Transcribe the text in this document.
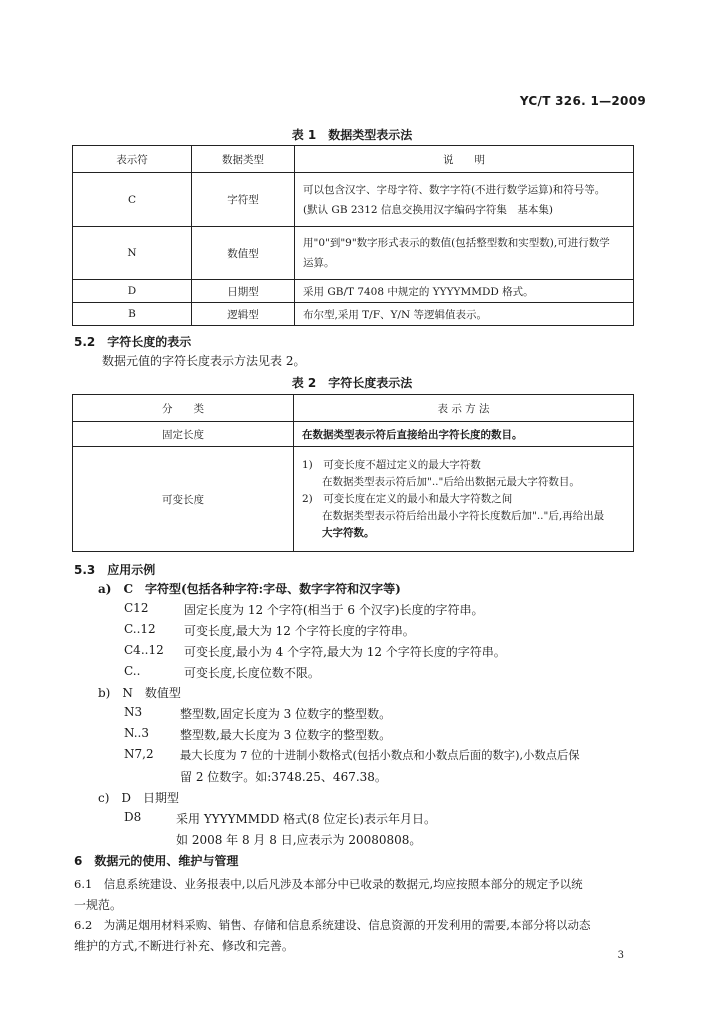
YC/T 326. 1—2009
表 1　数据类型表示法
表示符	数据类型	说　　明
C	字符型	可以包含汉字、字母字符、数字字符(不进行数学运算)和符号等。
(默认 GB 2312 信息交换用汉字编码字符集　基本集)

N	数值型	用"0"到"9"数字形式表示的数值(包括整型数和实型数),可进行数学
运算。

D	日期型	采用 GB/T 7408 中规定的 YYYYMMDD 格式。
B	逻辑型	布尔型,采用 T/F、Y/N 等逻辑值表示。
5.2　字符长度的表示
数据元值的字符长度表示方法见表 2。
表 2　字符长度表示法
分　　类	表 示 方 法
固定长度	在数据类型表示符后直接给出字符长度的数目。
可变长度	1)　可变长度不超过定义的最大字符数
在数据类型表示符后加".."后给出数据元最大字符数目。
2)　可变长度在定义的最小和最大字符数之间
在数据类型表示符后给出最小字符长度数后加".."后,再给出最
大字符数。
5.3　应用示例
a)　C　字符型(包括各种字符:字母、数字字符和汉字等)
C12	固定长度为 12 个字符(相当于 6 个汉字)长度的字符串。
C..12 可变长度,最大为 12 个字符长度的字符串。
C4..12 可变长度,最小为 4 个字符,最大为 12 个字符长度的字符串。
C..	可变长度,长度位数不限。
b)　N　数值型
N3	整型数,固定长度为 3 位数字的整型数。
N..3	整型数,最大长度为 3 位数字的整型数。
N7,2 最大长度为 7 位的十进制小数格式(包括小数点和小数点后面的数字),小数点后保
留 2 位数字。如:3748.25、467.38。
c)　D　日期型
D8	采用 YYYYMMDD 格式(8 位定长)表示年月日。
如 2008 年 8 月 8 日,应表示为 20080808。
6　数据元的使用、维护与管理
6.1　信息系统建设、业务报表中,以后凡涉及本部分中已收录的数据元,均应按照本部分的规定予以统
一规范。
6.2　为满足烟用材料采购、销售、存储和信息系统建设、信息资源的开发利用的需要,本部分将以动态
维护的方式,不断进行补充、修改和完善。
3
